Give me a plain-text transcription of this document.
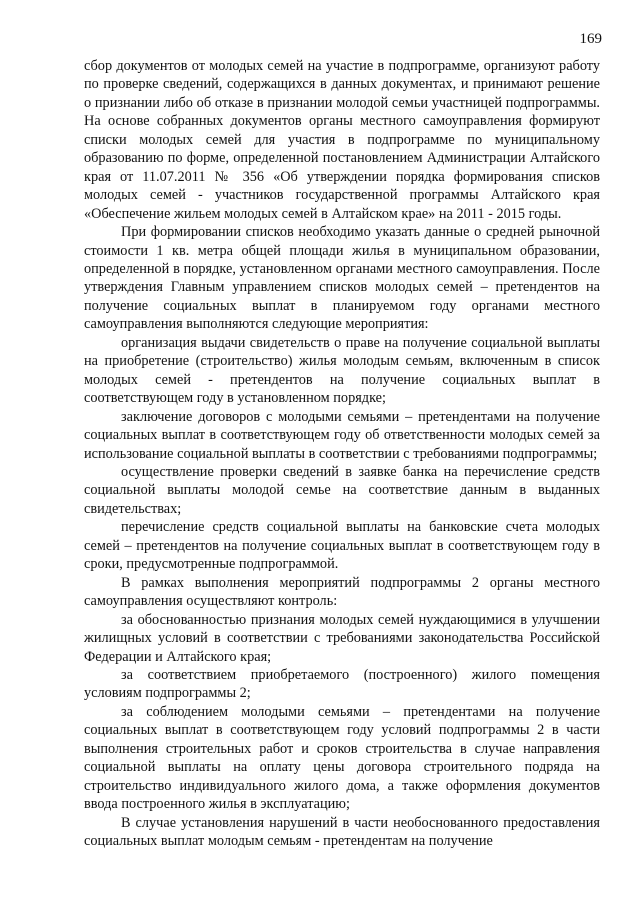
169

сбор документов от молодых семей на участие в подпрограмме, организуют работу по проверке сведений, содержащихся в данных документах, и принимают решение о признании либо об отказе в признании молодой семьи участницей подпрограммы. На основе собранных документов органы местного самоуправления формируют списки молодых семей для участия в подпрограмме по муниципальному образованию по форме, определенной постановлением Администрации Алтайского края от 11.07.2011 № 356 «Об утверждении порядка формирования списков молодых семей - участников государственной программы Алтайского края «Обеспечение жильем молодых семей в Алтайском крае» на 2011 - 2015 годы.

При формировании списков необходимо указать данные о средней рыночной стоимости 1 кв. метра общей площади жилья в муниципальном образовании, определенной в порядке, установленном органами местного самоуправления. После утверждения Главным управлением списков молодых семей – претендентов на получение социальных выплат в планируемом году органами местного самоуправления выполняются следующие мероприятия:

организация выдачи свидетельств о праве на получение социальной выплаты на приобретение (строительство) жилья молодым семьям, включенным в список молодых семей - претендентов на получение социальных выплат в соответствующем году в установленном порядке;

заключение договоров с молодыми семьями – претендентами на получение социальных выплат в соответствующем году об ответственности молодых семей за использование социальной выплаты в соответствии с требованиями подпрограммы;

осуществление проверки сведений в заявке банка на перечисление средств социальной выплаты молодой семье на соответствие данным в выданных свидетельствах;

перечисление средств социальной выплаты на банковские счета молодых семей – претендентов на получение социальных выплат в соответствующем году в сроки, предусмотренные подпрограммой.

В рамках выполнения мероприятий подпрограммы 2 органы местного самоуправления осуществляют контроль:

за обоснованностью признания молодых семей нуждающимися в улучшении жилищных условий в соответствии с требованиями законодательства Российской Федерации и Алтайского края;

за соответствием приобретаемого (построенного) жилого помещения условиям подпрограммы 2;

за соблюдением молодыми семьями – претендентами на получение социальных выплат в соответствующем году условий подпрограммы 2 в части выполнения строительных работ и сроков строительства в случае направления социальной выплаты на оплату цены договора строительного подряда на строительство индивидуального жилого дома, а также оформления документов ввода построенного жилья в эксплуатацию;

В случае установления нарушений в части необоснованного предоставления социальных выплат молодым семьям - претендентам на получение
